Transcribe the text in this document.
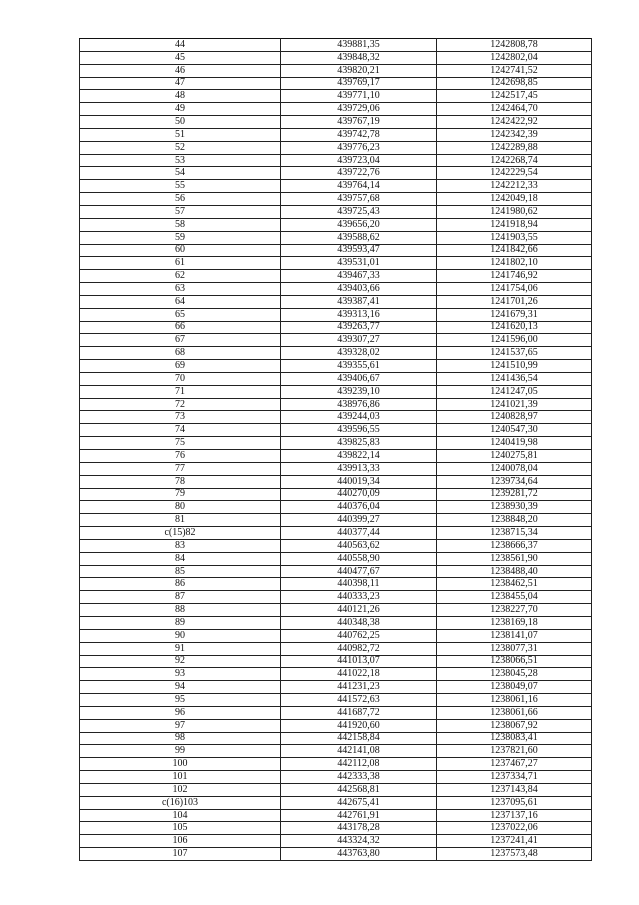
44	439881,35	1242808,78
45	439848,32	1242802,04
46	439820,21	1242741,52
47	439769,17	1242698,85
48	439771,10	1242517,45
49	439729,06	1242464,70
50	439767,19	1242422,92
51	439742,78	1242342,39
52	439776,23	1242289,88
53	439723,04	1242268,74
54	439722,76	1242229,54
55	439764,14	1242212,33
56	439757,68	1242049,18
57	439725,43	1241980,62
58	439656,20	1241918,94
59	439588,62	1241903,55
60	439593,47	1241842,66
61	439531,01	1241802,10
62	439467,33	1241746,92
63	439403,66	1241754,06
64	439387,41	1241701,26
65	439313,16	1241679,31
66	439263,77	1241620,13
67	439307,27	1241596,00
68	439328,02	1241537,65
69	439355,61	1241510,99
70	439406,67	1241436,54
71	439239,10	1241247,05
72	438976,86	1241021,39
73	439244,03	1240828,97
74	439596,55	1240547,30
75	439825,83	1240419,98
76	439822,14	1240275,81
77	439913,33	1240078,04
78	440019,34	1239734,64
79	440270,09	1239281,72
80	440376,04	1238930,39
81	440399,27	1238848,20
с(15)82	440377,44	1238715,34
83	440563,62	1238666,37
84	440558,90	1238561,90
85	440477,67	1238488,40
86	440398,11	1238462,51
87	440333,23	1238455,04
88	440121,26	1238227,70
89	440348,38	1238169,18
90	440762,25	1238141,07
91	440982,72	1238077,31
92	441013,07	1238066,51
93	441022,18	1238045,28
94	441231,23	1238049,07
95	441572,63	1238061,16
96	441687,72	1238061,66
97	441920,60	1238067,92
98	442158,84	1238083,41
99	442141,08	1237821,60
100	442112,08	1237467,27
101	442333,38	1237334,71
102	442568,81	1237143,84
с(16)103	442675,41	1237095,61
104	442761,91	1237137,16
105	443178,28	1237022,06
106	443324,32	1237241,41
107	443763,80	1237573,48
